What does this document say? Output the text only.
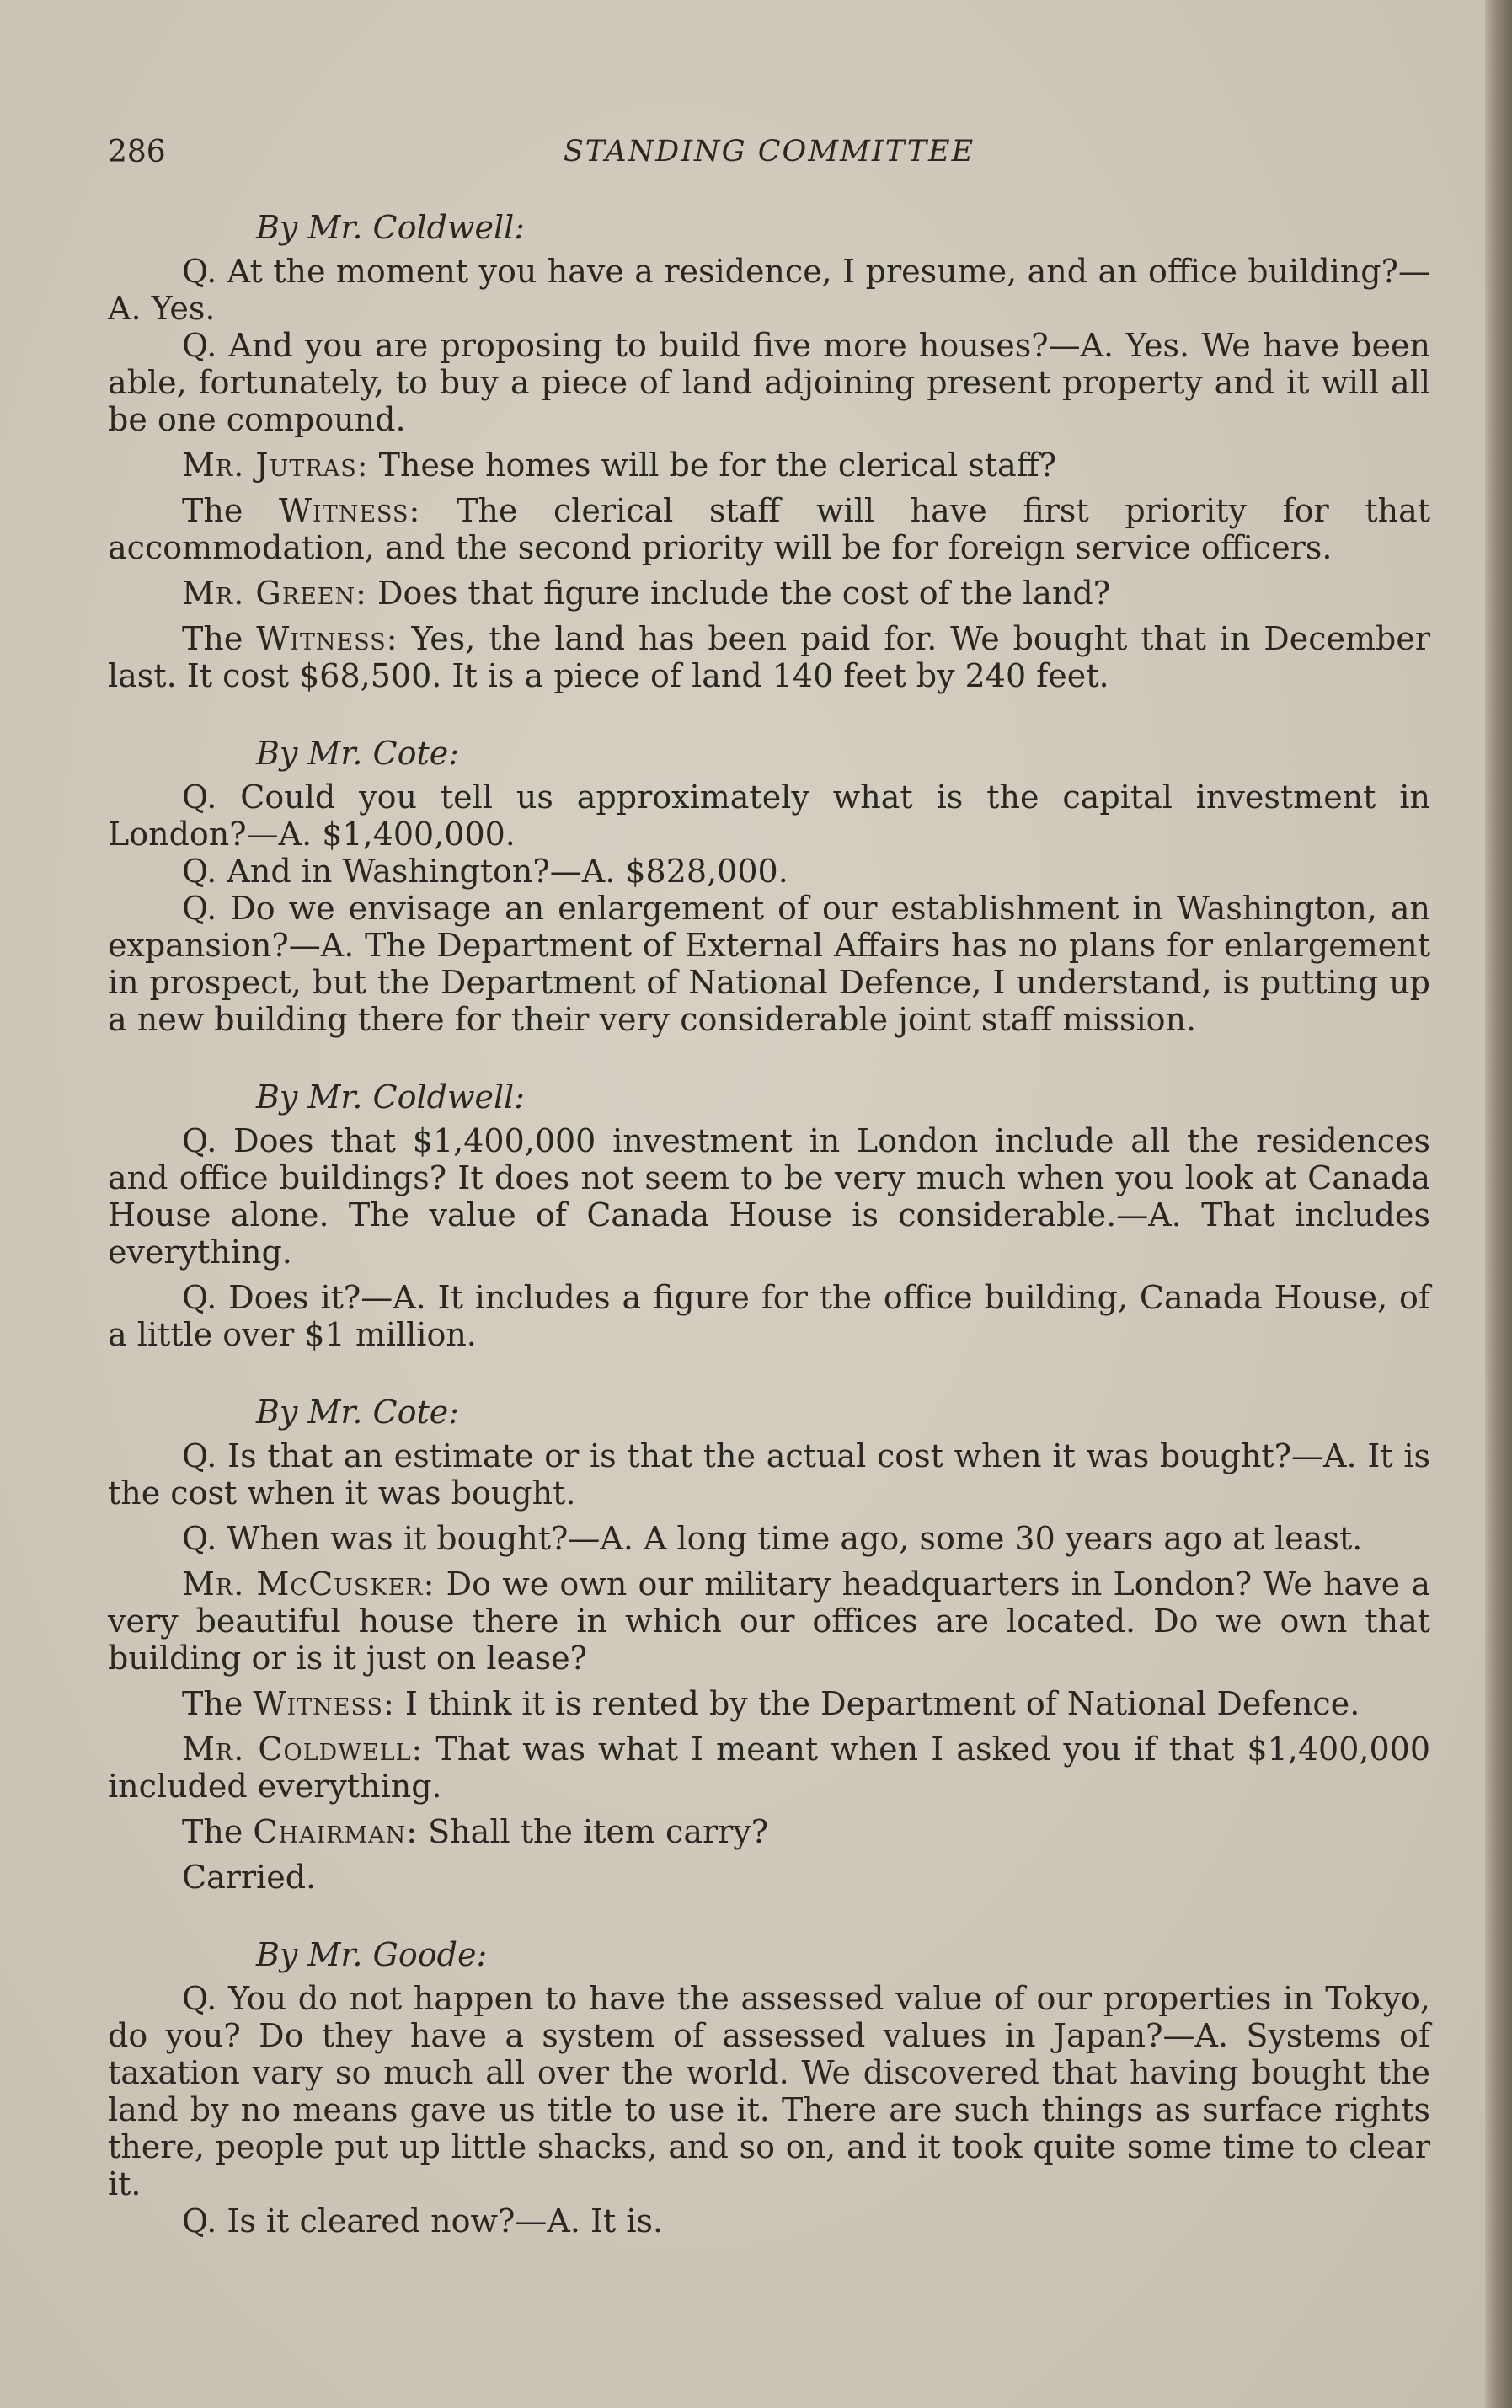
286	STANDING COMMITTEE
By Mr. Coldwell:

Q. At the moment you have a residence, I presume, and an office building?—A. Yes.

Q. And you are proposing to build five more houses?—A. Yes. We have been able, fortunately, to buy a piece of land adjoining present property and it will all be one compound.

Mr. Jutras: These homes will be for the clerical staff?

The Witness: The clerical staff will have first priority for that accommodation, and the second priority will be for foreign service officers.

Mr. Green: Does that figure include the cost of the land?

The Witness: Yes, the land has been paid for. We bought that in December last. It cost $68,500. It is a piece of land 140 feet by 240 feet.

By Mr. Cote:

Q. Could you tell us approximately what is the capital investment in London?—A. $1,400,000.

Q. And in Washington?—A. $828,000.

Q. Do we envisage an enlargement of our establishment in Washington, an expansion?—A. The Department of External Affairs has no plans for enlargement in prospect, but the Department of National Defence, I understand, is putting up a new building there for their very considerable joint staff mission.

By Mr. Coldwell:

Q. Does that $1,400,000 investment in London include all the residences and office buildings? It does not seem to be very much when you look at Canada House alone. The value of Canada House is considerable.—A. That includes everything.

Q. Does it?—A. It includes a figure for the office building, Canada House, of a little over $1 million.

By Mr. Cote:

Q. Is that an estimate or is that the actual cost when it was bought?—A. It is the cost when it was bought.

Q. When was it bought?—A. A long time ago, some 30 years ago at least.

Mr. McCusker: Do we own our military headquarters in London? We have a very beautiful house there in which our offices are located. Do we own that building or is it just on lease?

The Witness: I think it is rented by the Department of National Defence.

Mr. Coldwell: That was what I meant when I asked you if that $1,400,000 included everything.

The Chairman: Shall the item carry?

Carried.

By Mr. Goode:

Q. You do not happen to have the assessed value of our properties in Tokyo, do you? Do they have a system of assessed values in Japan?—A. Systems of taxation vary so much all over the world. We discovered that having bought the land by no means gave us title to use it. There are such things as surface rights there, people put up little shacks, and so on, and it took quite some time to clear it.

Q. Is it cleared now?—A. It is.
